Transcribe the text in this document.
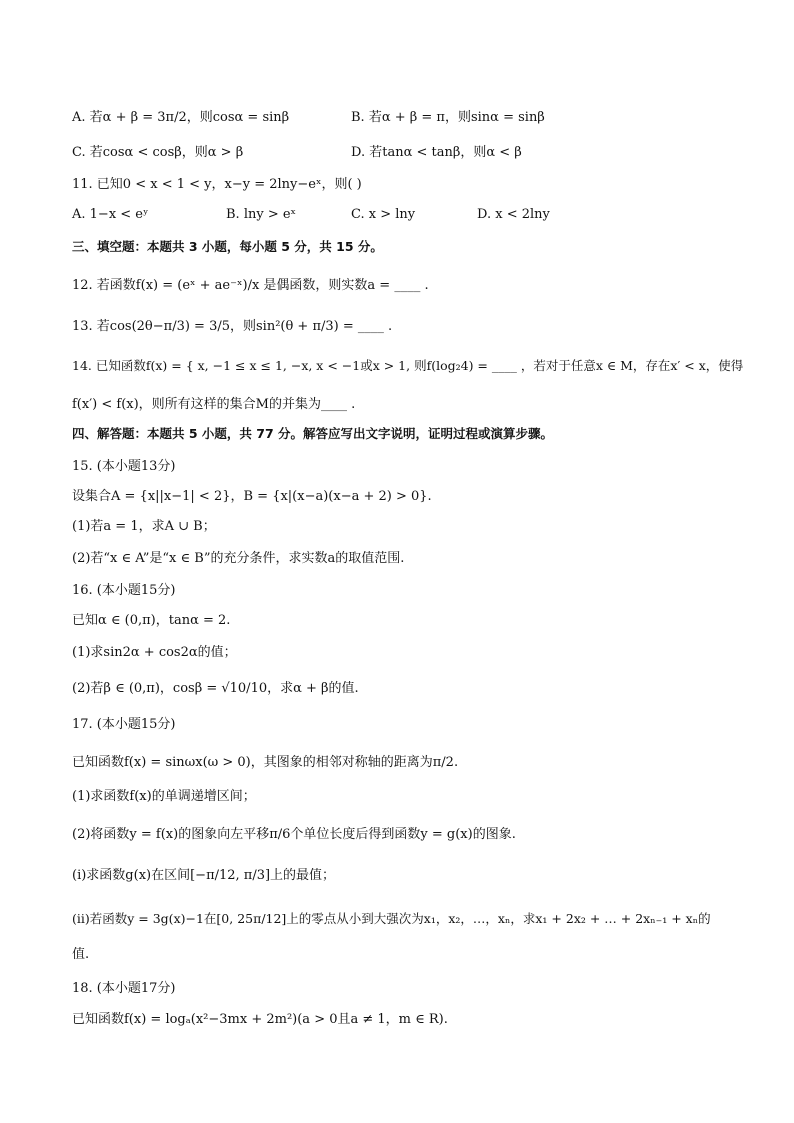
A. 若α + β = 3π/2，则cosα = sinβ	B. 若α + β = π，则sinα = sinβ
C. 若cosα < cosβ，则α > β	D. 若tanα < tanβ，则α < β
11. 已知0 < x < 1 < y，x−y = 2lny−eˣ，则( )
A. 1−x < eʸ	B. lny > eˣ	C. x > lny	D. x < 2lny
三、填空题：本题共 3 小题，每小题 5 分，共 15 分。
12. 若函数f(x) = (eˣ + ae⁻ˣ)/x 是偶函数，则实数a = ____ .
13. 若cos(2θ−π/3) = 3/5，则sin²(θ + π/3) = ____ .
14. 已知函数f(x) = { x, −1 ≤ x ≤ 1, −x, x < −1或x > 1, 则f(log₂4) = ____ ，若对于任意x ∈ M，存在x′ < x，使得
f(x′) < f(x)，则所有这样的集合M的并集为____ .
四、解答题：本题共 5 小题，共 77 分。解答应写出文字说明，证明过程或演算步骤。
15. (本小题13分)
设集合A = {x||x−1| < 2}，B = {x|(x−a)(x−a + 2) > 0}.
(1)若a = 1，求A ∪ B；
(2)若“x ∈ A”是“x ∈ B”的充分条件，求实数a的取值范围.
16. (本小题15分)
已知α ∈ (0,π)，tanα = 2.
(1)求sin2α + cos2α的值；
(2)若β ∈ (0,π)，cosβ = √10/10，求α + β的值.
17. (本小题15分)
已知函数f(x) = sinωx(ω > 0)，其图象的相邻对称轴的距离为π/2.
(1)求函数f(x)的单调递增区间；
(2)将函数y = f(x)的图象向左平移π/6个单位长度后得到函数y = g(x)的图象.
(i)求函数g(x)在区间[−π/12, π/3]上的最值；
(ii)若函数y = 3g(x)−1在[0, 25π/12]上的零点从小到大强次为x₁，x₂，…，xₙ，求x₁ + 2x₂ + … + 2xₙ₋₁ + xₙ的
值.
18. (本小题17分)
已知函数f(x) = logₐ(x²−3mx + 2m²)(a > 0且a ≠ 1，m ∈ R).
